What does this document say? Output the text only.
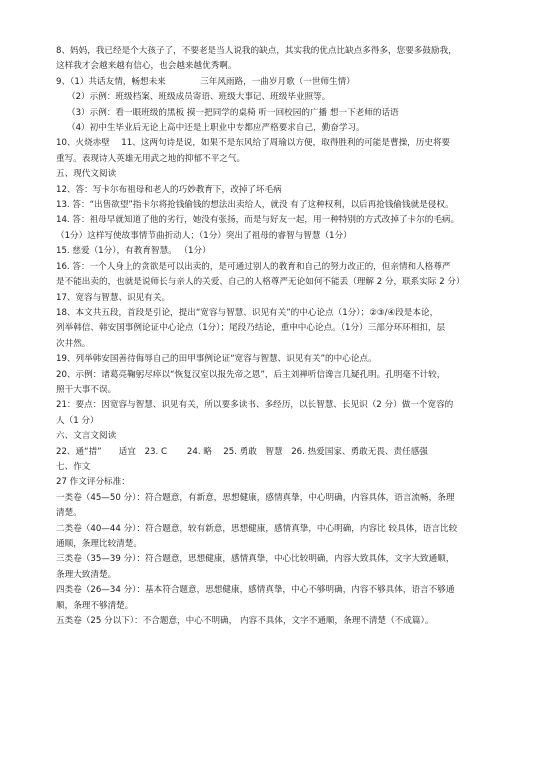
8、妈妈，我已经是个大孩子了，不要老是当人说我的缺点，其实我的优点比缺点多得多，您要多鼓励我，
这样我才会越来越有信心，也会越来越优秀啊。
9、（1）共话友情，畅想未来　　　　三年风雨路，一曲岁月歌（一世师生情）
（2）示例：班级档案、班级成员寄语、班级大事记、班级毕业照等。
（3）示例：看一眼班级的黑板 摸一把同学的桌椅 听一回校园的广播 想一下老师的话语
（4）初中生毕业后无论上高中还是上职业中专都应严格要求自己，勤奋学习。
10、火烧赤壁　 11、这两句诗是说，如果不是东风给了周瑜以方便，取得胜利的可能是曹操，历史将要
重写。表现诗人英雄无用武之地的抑郁不平之气。
五、现代文阅读
12、答：写卡尔布祖母和老人的巧妙教育下，改掉了坏毛病
13. 答：“出售欲望”指卡尔将抢钱偷钱的想法出卖给人，就没 有了这种权利，以后再抢钱偷钱就是侵权。
14. 答：祖母早就知道了他的劣行，她没有张扬，而是与好友一起，用一种特别的方式改掉了卡尔的毛病。
（1分）这样写使故事情节曲折动人；（1分）突出了祖母的睿智与智慧（1分）
15. 慈爱（1分），有教育智慧。 （1分）
16. 答：一个人身上的贪欲是可以出卖的，是可通过别人的教育和自己的努力改正的，但亲情和人格尊严
是不能出卖的，也就是说师长与亲人的关爱、自己的人格尊严无论如何不能丢（理解 2 分，联系实际 2 分）
17、宽容与智慧、识见有关。
18、本文共五段，首段是引论，提出“宽容与智慧、识见有关”的中心论点（1分）；②③/④段是本论，
列举韩信、韩安国事例论证中心论点（1分）；尾段乃结论，重申中心论点。（1分）三部分环环相扣，层
次井然。
19、列举韩安国善待侮辱自己的田甲事例论证“宽容与智慧、识见有关”的中心论点。
20、示例：诸葛亮鞠躬尽瘁以“恢复汉室以报先帝之恩”，后主刘禅听信谗言几疑孔明。孔明毫不计较，
照干大事不误。
21：要点：因宽容与智慧、识见有关，所以要多读书、多经历，以长智慧、长见识（2 分）做一个宽容的
人（1 分）
六、文言文阅读
22、通“措”　　适宜　23. C　　 24. 略　 25. 勇敢　智慧　26. 热爱国家、勇敢无畏、责任感强
七、作文
27 作文评分标准：
一类卷（45—50 分）：符合题意，有新意，思想健康，感情真挚，中心明确，内容具体，语言流畅，条理
清楚。
二类卷（40—44 分）：符合题意，较有新意，思想健康，感情真挚，中心明确，内容比 较具体，语言比较
通顺，条理比较清楚。
三类卷（35—39 分）：符合题意，思想健康，感情真挚，中心比较明确，内容大致具体，文字大致通顺，
条理大致清楚。
四类卷（26—34 分）：基本符合题意，思想健康，感情真挚，中心不够明确，内容不够具体，语言不够通
顺，条理不够清楚。
五类卷（25 分以下）：不合题意，中心不明确， 内容不具体，文字不通顺，条理不清楚（不成篇）。
